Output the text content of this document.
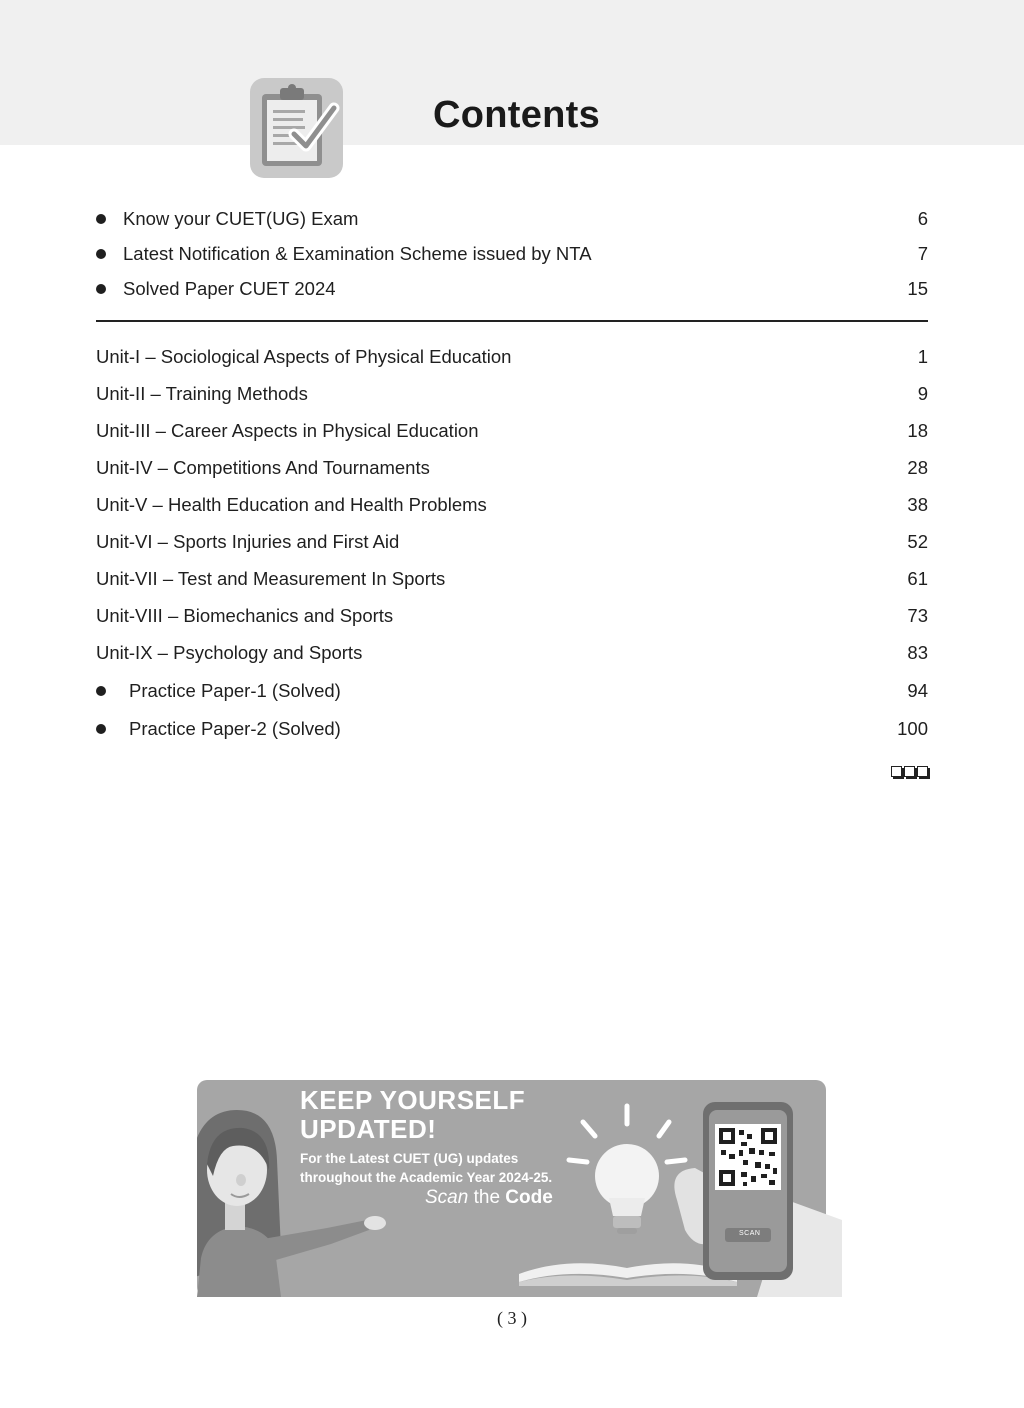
Contents
Know your CUET(UG) Exam	6
Latest Notification & Examination Scheme issued by NTA	7
Solved Paper CUET 2024	15
Unit-I – Sociological Aspects of Physical Education	1
Unit-II – Training Methods	9
Unit-III – Career Aspects in Physical Education	18
Unit-IV – Competitions And Tournaments	28
Unit-V – Health Education and Health Problems	38
Unit-VI – Sports Injuries and First Aid	52
Unit-VII – Test and Measurement In Sports	61
Unit-VIII – Biomechanics and Sports	73
Unit-IX – Psychology and Sports	83
Practice Paper-1 (Solved)	94
Practice Paper-2 (Solved)	100
KEEP YOURSELF
UPDATED!
For the Latest CUET (UG) updates throughout the Academic Year 2024-25.
Scan the Code
SCAN
( 3 )
